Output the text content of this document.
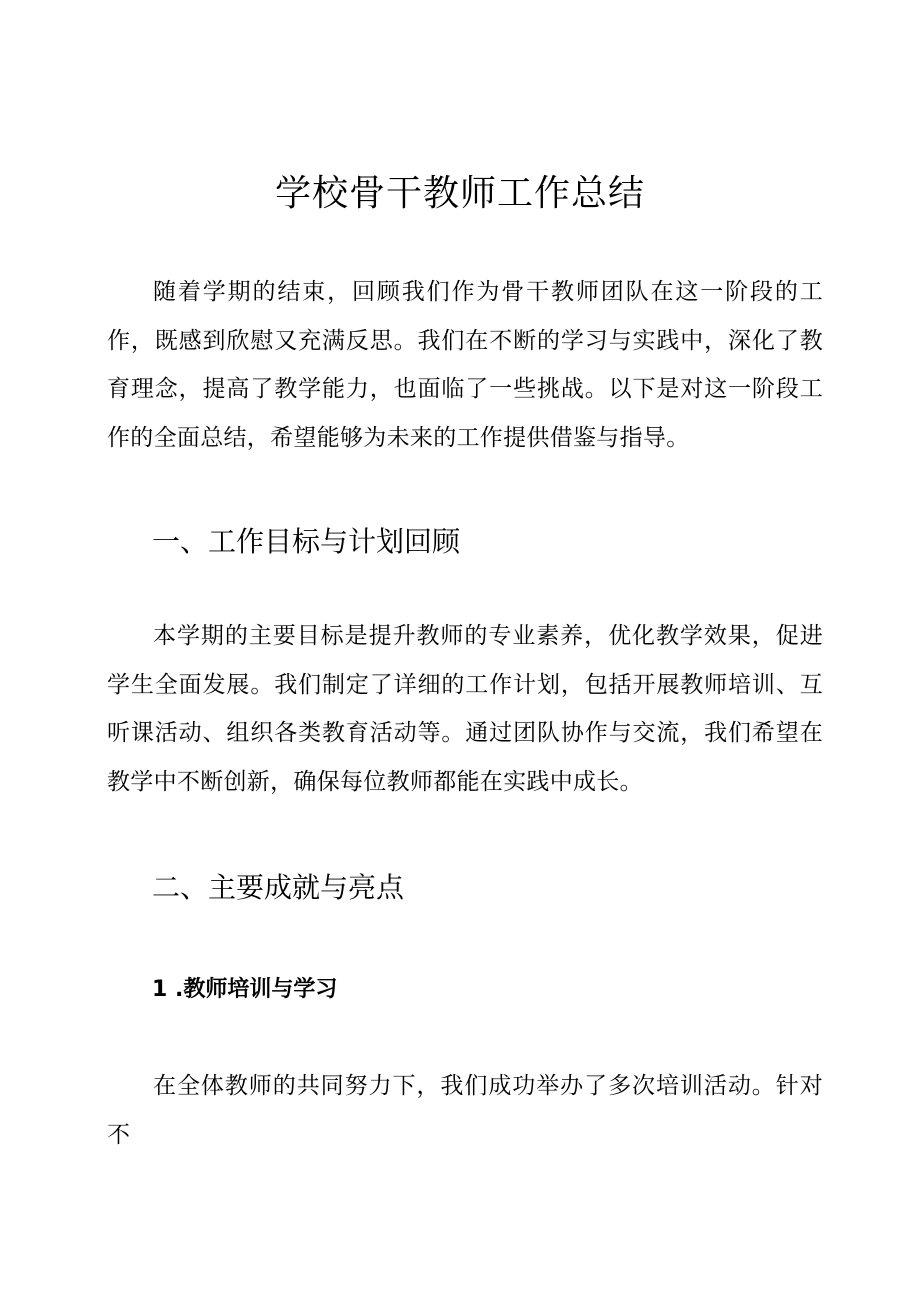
学校骨干教师工作总结

随着学期的结束，回顾我们作为骨干教师团队在这一阶段的工作，既感到欣慰又充满反思。我们在不断的学习与实践中，深化了教育理念，提高了教学能力，也面临了一些挑战。以下是对这一阶段工作的全面总结，希望能够为未来的工作提供借鉴与指导。

一、工作目标与计划回顾

本学期的主要目标是提升教师的专业素养，优化教学效果，促进学生全面发展。我们制定了详细的工作计划，包括开展教师培训、互听课活动、组织各类教育活动等。通过团队协作与交流，我们希望在教学中不断创新，确保每位教师都能在实践中成长。

二、主要成就与亮点
1 .教师培训与学习

在全体教师的共同努力下，我们成功举办了多次培训活动。针对不
